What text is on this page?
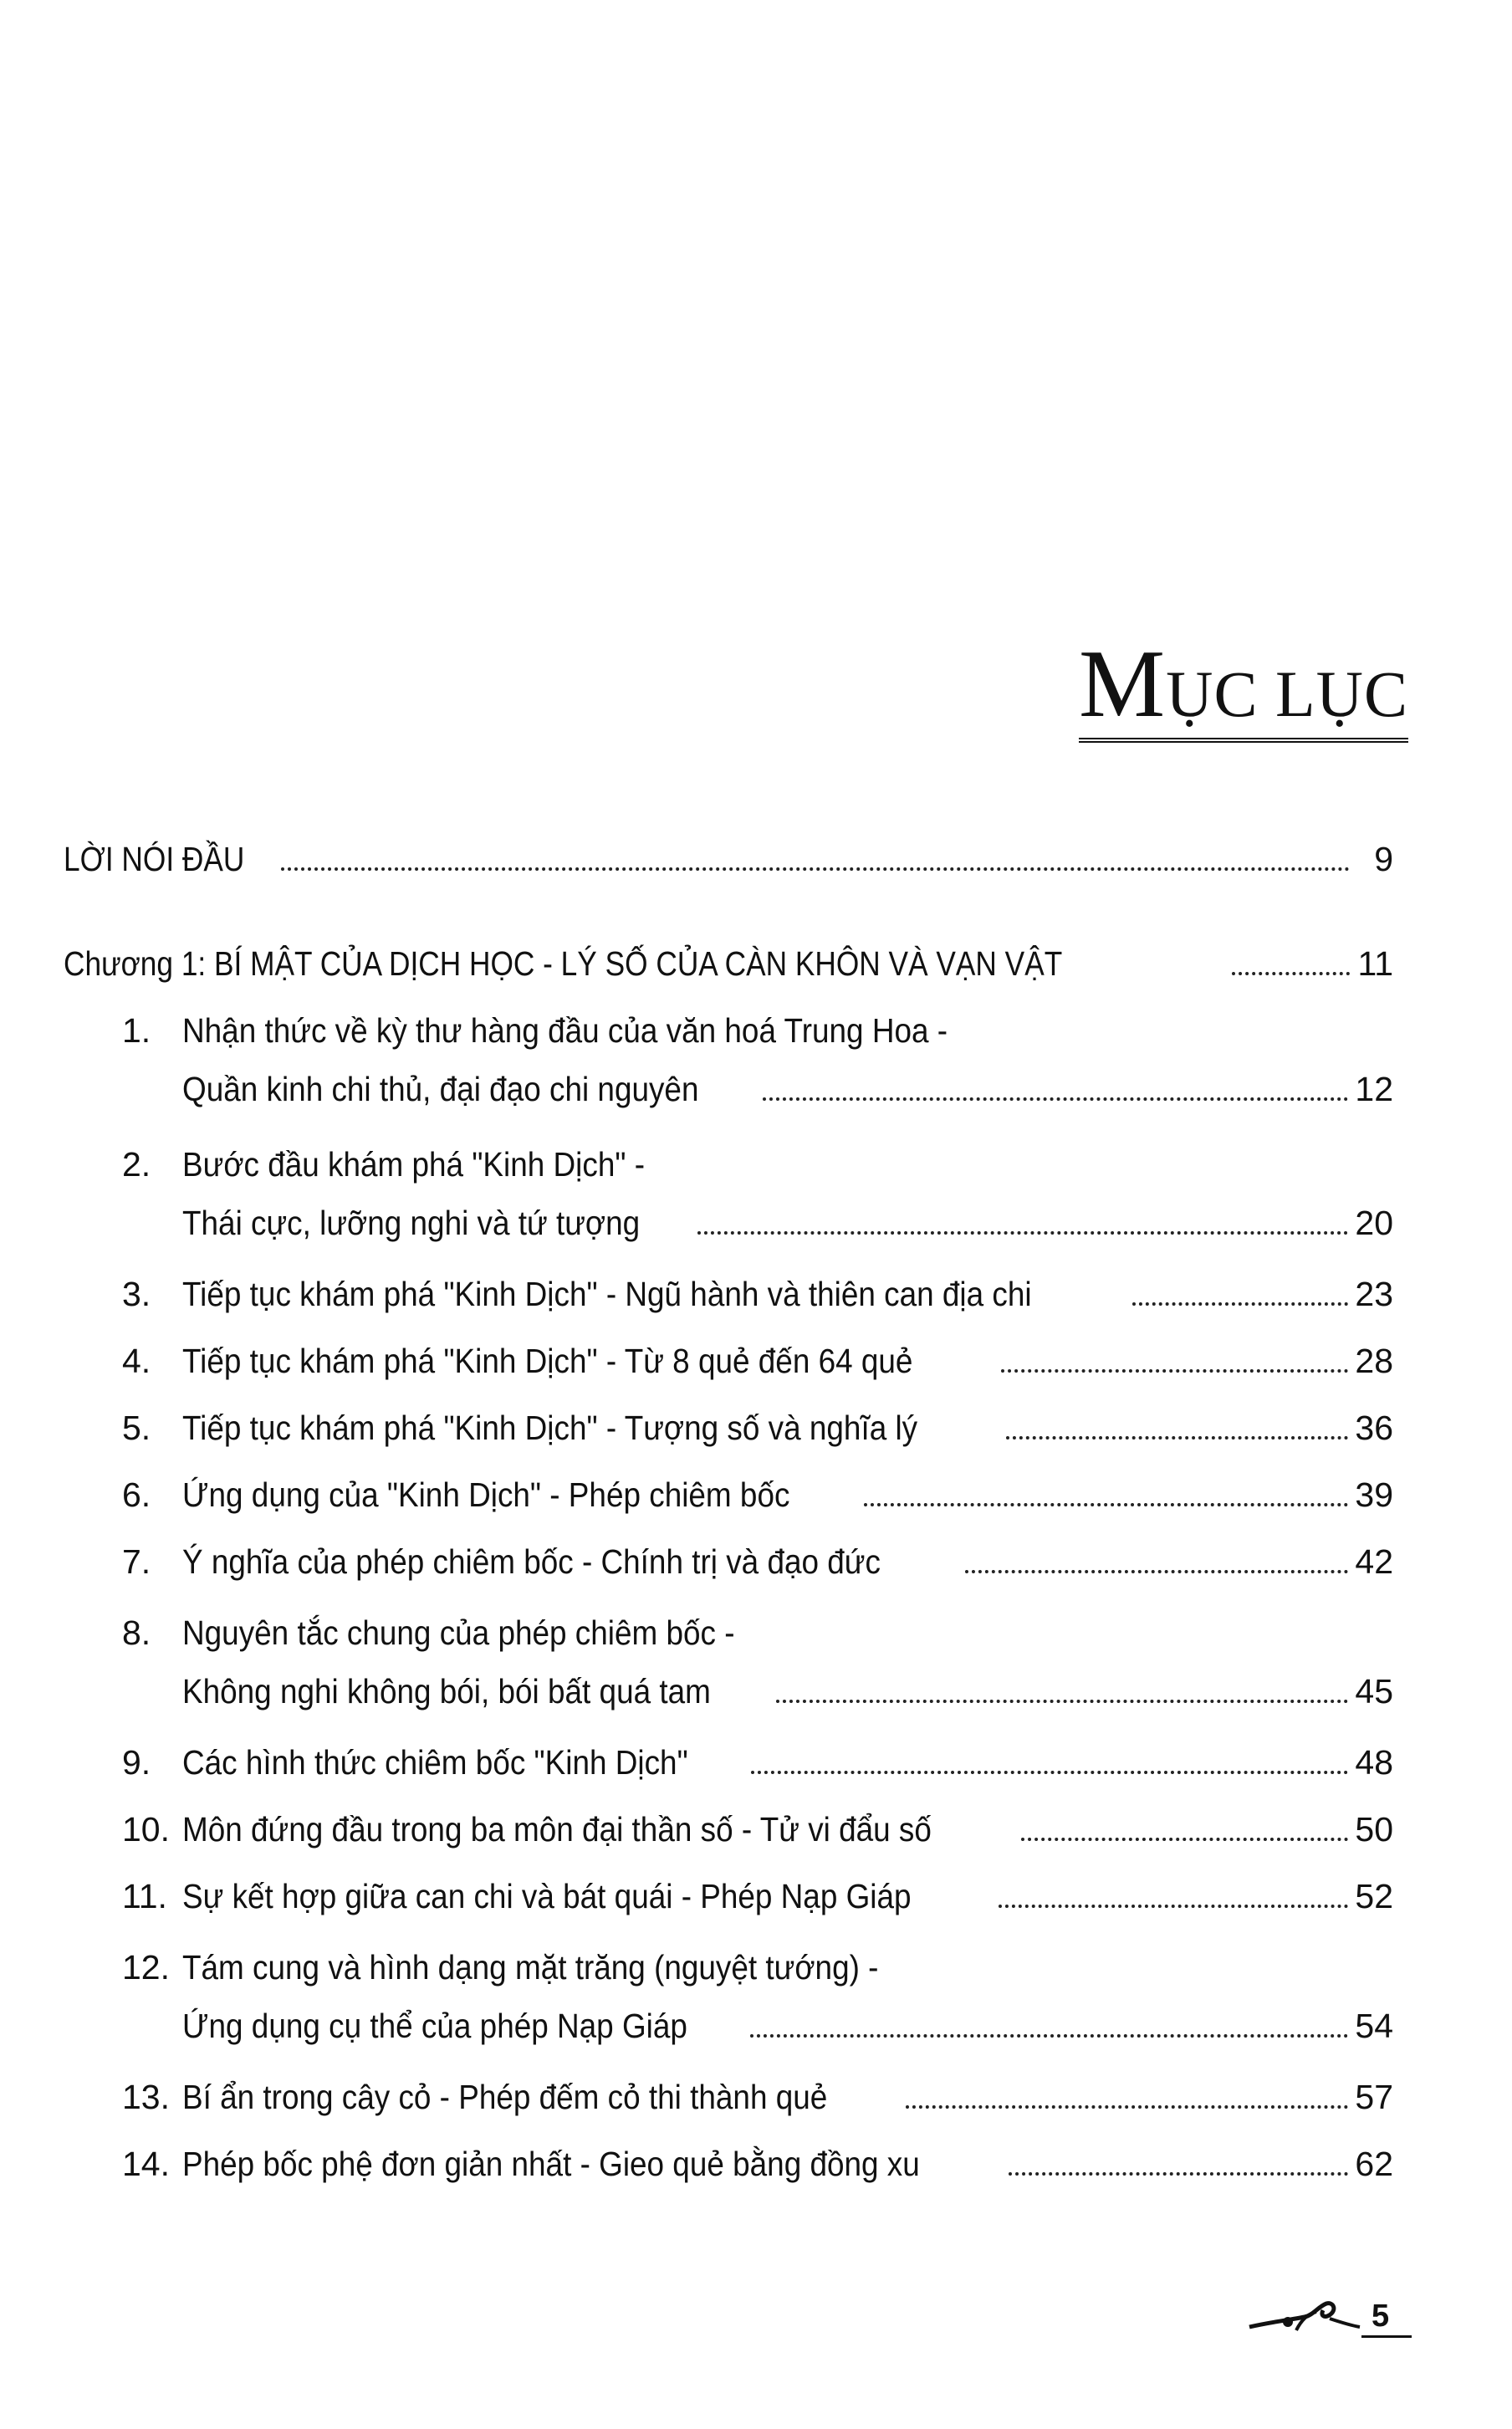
MỤC LỤC
LỜI NÓI ĐẦU	9
Chương 1: BÍ MẬT CỦA DỊCH HỌC - LÝ SỐ CỦA CÀN KHÔN VÀ VẠN VẬT	11
1. Nhận thức về kỳ thư hàng đầu của văn hoá Trung Hoa -
Quần kinh chi thủ, đại đạo chi nguyên	12
2. Bước đầu khám phá "Kinh Dịch" -
Thái cực, lưỡng nghi và tứ tượng	20
3. Tiếp tục khám phá "Kinh Dịch" - Ngũ hành và thiên can địa chi	23
4. Tiếp tục khám phá "Kinh Dịch" - Từ 8 quẻ đến 64 quẻ	28
5. Tiếp tục khám phá "Kinh Dịch" - Tượng số và nghĩa lý	36
6. Ứng dụng của "Kinh Dịch" - Phép chiêm bốc	39
7. Ý nghĩa của phép chiêm bốc - Chính trị và đạo đức	42
8. Nguyên tắc chung của phép chiêm bốc -
Không nghi không bói, bói bất quá tam	45
9. Các hình thức chiêm bốc "Kinh Dịch"	48
10. Môn đứng đầu trong ba môn đại thần số - Tử vi đẩu số	50
11. Sự kết hợp giữa can chi và bát quái - Phép Nạp Giáp	52
12. Tám cung và hình dạng mặt trăng (nguyệt tướng) -
Ứng dụng cụ thể của phép Nạp Giáp	54
13. Bí ẩn trong cây cỏ - Phép đếm cỏ thi thành quẻ	57
14. Phép bốc phệ đơn giản nhất - Gieo quẻ bằng đồng xu	62
5
